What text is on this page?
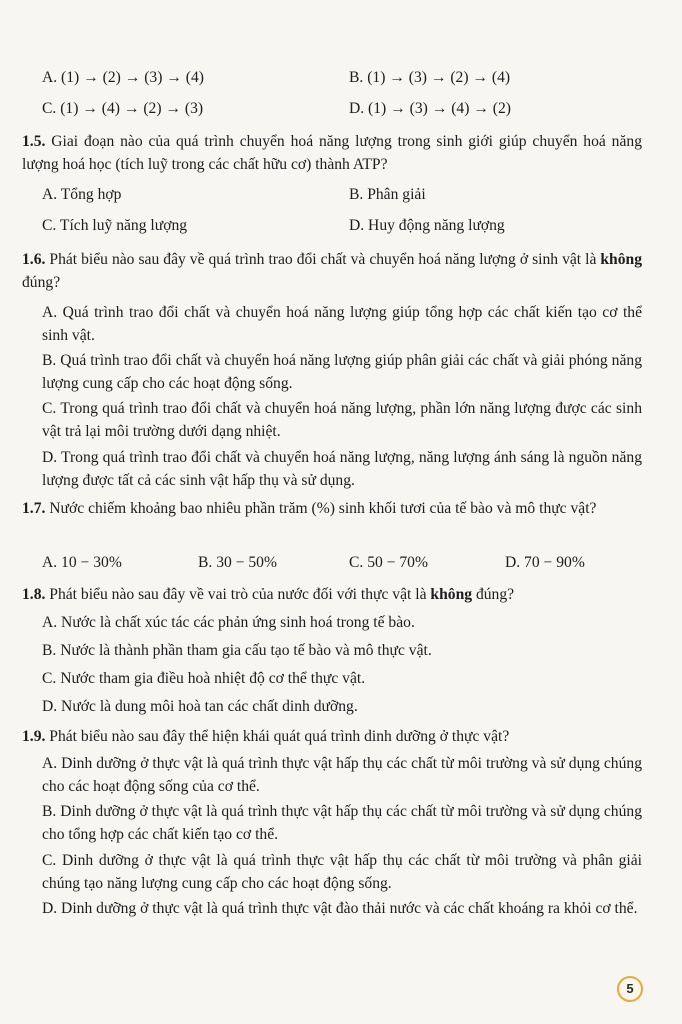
A. (1) → (2) → (3) → (4)	B. (1) → (3) → (2) → (4)
C. (1) → (4) → (2) → (3)	D. (1) → (3) → (4) → (2)
1.5. Giai đoạn nào của quá trình chuyển hoá năng lượng trong sinh giới giúp chuyển hoá năng lượng hoá học (tích luỹ trong các chất hữu cơ) thành ATP?
A. Tổng hợp	B. Phân giải
C. Tích luỹ năng lượng	D. Huy động năng lượng
1.6. Phát biểu nào sau đây về quá trình trao đổi chất và chuyển hoá năng lượng ở sinh vật là không đúng?
A. Quá trình trao đổi chất và chuyển hoá năng lượng giúp tổng hợp các chất kiến tạo cơ thể sinh vật.
B. Quá trình trao đổi chất và chuyển hoá năng lượng giúp phân giải các chất và giải phóng năng lượng cung cấp cho các hoạt động sống.
C. Trong quá trình trao đổi chất và chuyển hoá năng lượng, phần lớn năng lượng được các sinh vật trả lại môi trường dưới dạng nhiệt.
D. Trong quá trình trao đổi chất và chuyển hoá năng lượng, năng lượng ánh sáng là nguồn năng lượng được tất cả các sinh vật hấp thụ và sử dụng.
1.7. Nước chiếm khoảng bao nhiêu phần trăm (%) sinh khối tươi của tế bào và mô thực vật?
A. 10 − 30%	B. 30 − 50%	C. 50 − 70%	D. 70 − 90%
1.8. Phát biểu nào sau đây về vai trò của nước đối với thực vật là không đúng?
A. Nước là chất xúc tác các phản ứng sinh hoá trong tế bào.
B. Nước là thành phần tham gia cấu tạo tế bào và mô thực vật.
C. Nước tham gia điều hoà nhiệt độ cơ thể thực vật.
D. Nước là dung môi hoà tan các chất dinh dưỡng.
1.9. Phát biểu nào sau đây thể hiện khái quát quá trình dinh dưỡng ở thực vật?
A. Dinh dưỡng ở thực vật là quá trình thực vật hấp thụ các chất từ môi trường và sử dụng chúng cho các hoạt động sống của cơ thể.
B. Dinh dưỡng ở thực vật là quá trình thực vật hấp thụ các chất từ môi trường và sử dụng chúng cho tổng hợp các chất kiến tạo cơ thể.
C. Dinh dưỡng ở thực vật là quá trình thực vật hấp thụ các chất từ môi trường và phân giải chúng tạo năng lượng cung cấp cho các hoạt động sống.
D. Dinh dưỡng ở thực vật là quá trình thực vật đào thải nước và các chất khoáng ra khỏi cơ thể.
5
